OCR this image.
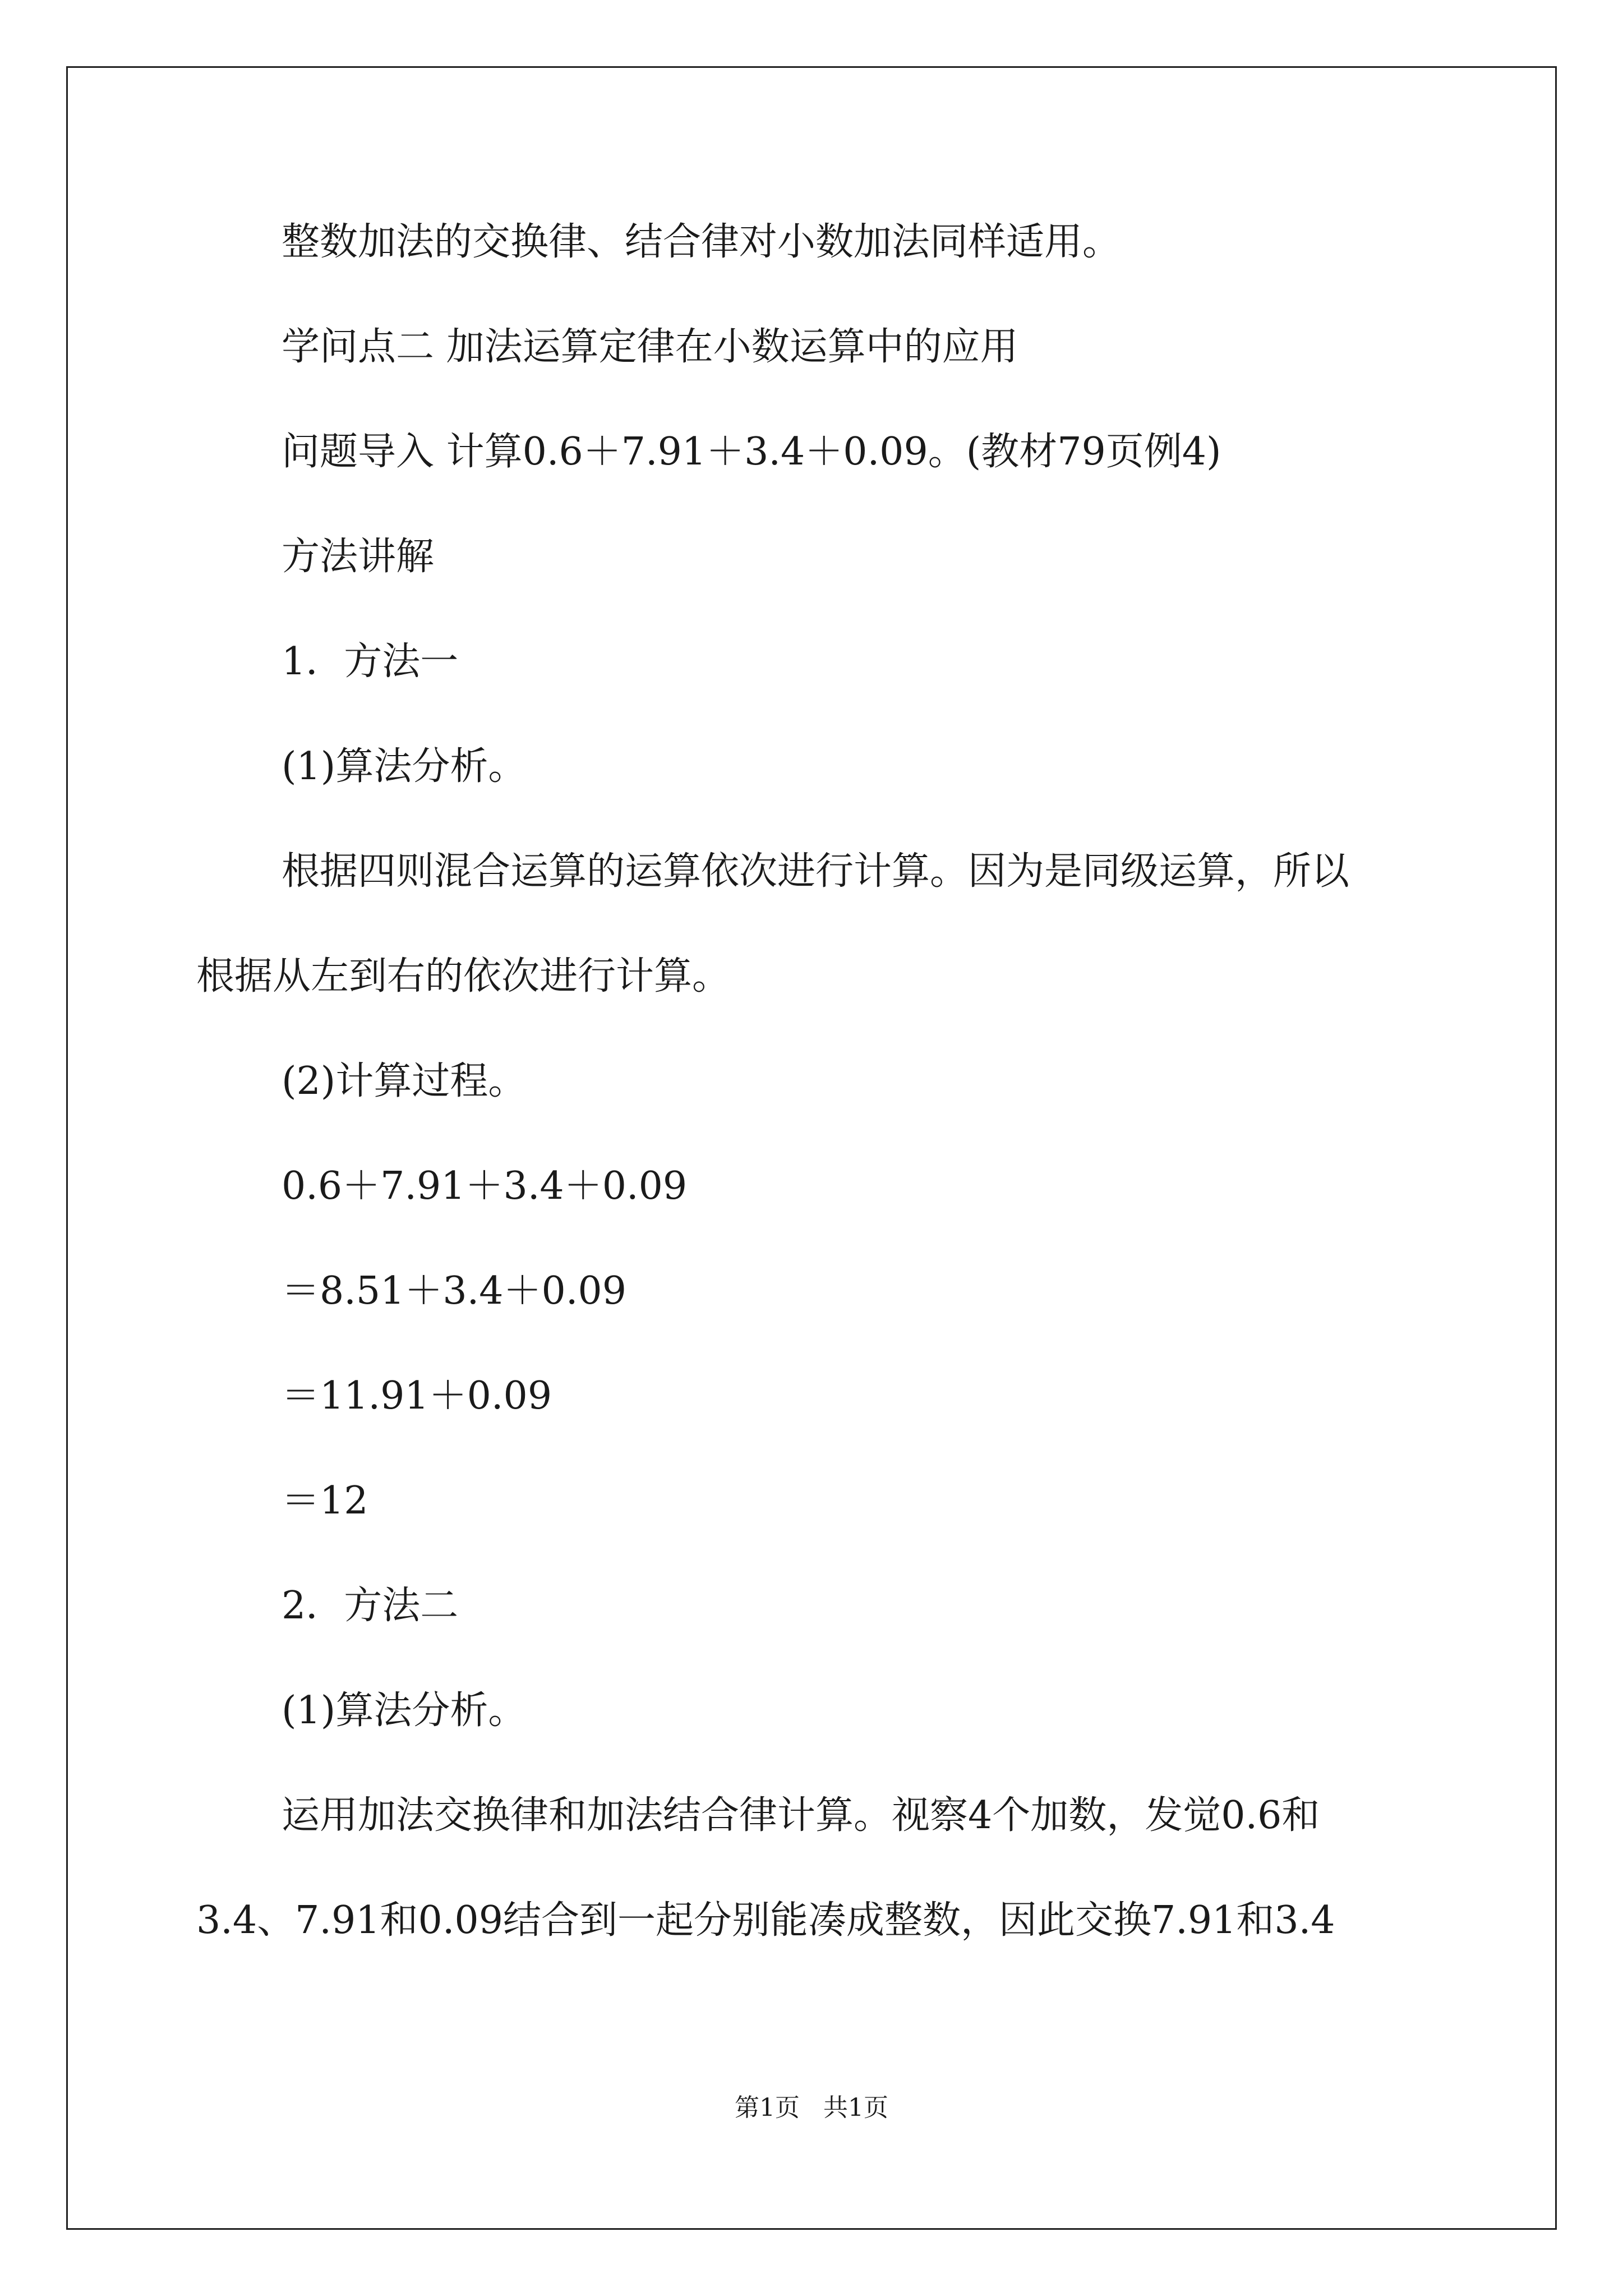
整数加法的交换律、结合律对小数加法同样适用。
学问点二 加法运算定律在小数运算中的应用
问题导入 计算0.6＋7.91＋3.4＋0.09。(教材79页例4)
方法讲解
1．方法一
(1)算法分析。
根据四则混合运算的运算依次进行计算。因为是同级运算，所以
根据从左到右的依次进行计算。
(2)计算过程。
0.6＋7.91＋3.4＋0.09
＝8.51＋3.4＋0.09
＝11.91＋0.09
＝12
2．方法二
(1)算法分析。
运用加法交换律和加法结合律计算。视察4个加数，发觉0.6和
3.4、7.91和0.09结合到一起分别能凑成整数，因此交换7.91和3.4
第1页   共1页
